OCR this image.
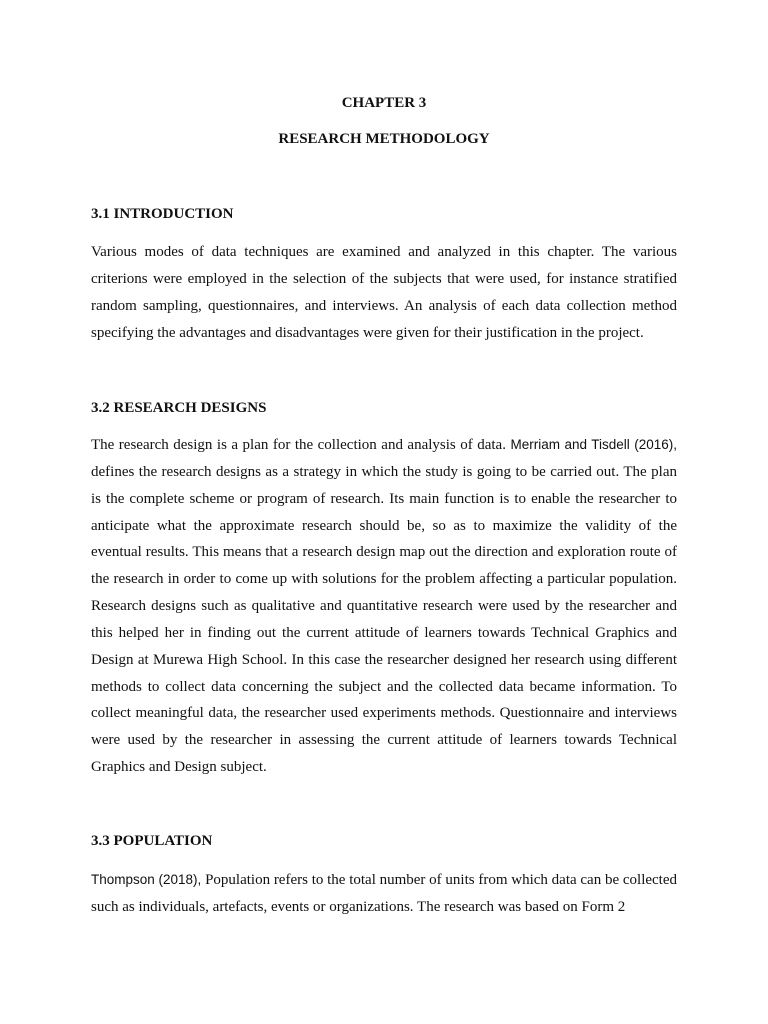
CHAPTER 3
RESEARCH METHODOLOGY
3.1 INTRODUCTION
Various modes of data techniques are examined and analyzed in this chapter. The various criterions were employed in the selection of the subjects that were used, for instance stratified random sampling, questionnaires, and interviews. An analysis of each data collection method specifying the advantages and disadvantages were given for their justification in the project.
3.2 RESEARCH DESIGNS
The research design is a plan for the collection and analysis of data. Merriam and Tisdell (2016), defines the research designs as a strategy in which the study is going to be carried out. The plan is the complete scheme or program of research. Its main function is to enable the researcher to anticipate what the approximate research should be, so as to maximize the validity of the eventual results. This means that a research design map out the direction and exploration route of the research in order to come up with solutions for the problem affecting a particular population. Research designs such as qualitative and quantitative research were used by the researcher and this helped her in finding out the current attitude of learners towards Technical Graphics and Design at Murewa High School. In this case the researcher designed her research using different methods to collect data concerning the subject and the collected data became information. To collect meaningful data, the researcher used experiments methods. Questionnaire and interviews were used by the researcher in assessing the current attitude of learners towards Technical Graphics and Design subject.
3.3 POPULATION
Thompson (2018), Population refers to the total number of units from which data can be collected such as individuals, artefacts, events or organizations. The research was based on Form 2
